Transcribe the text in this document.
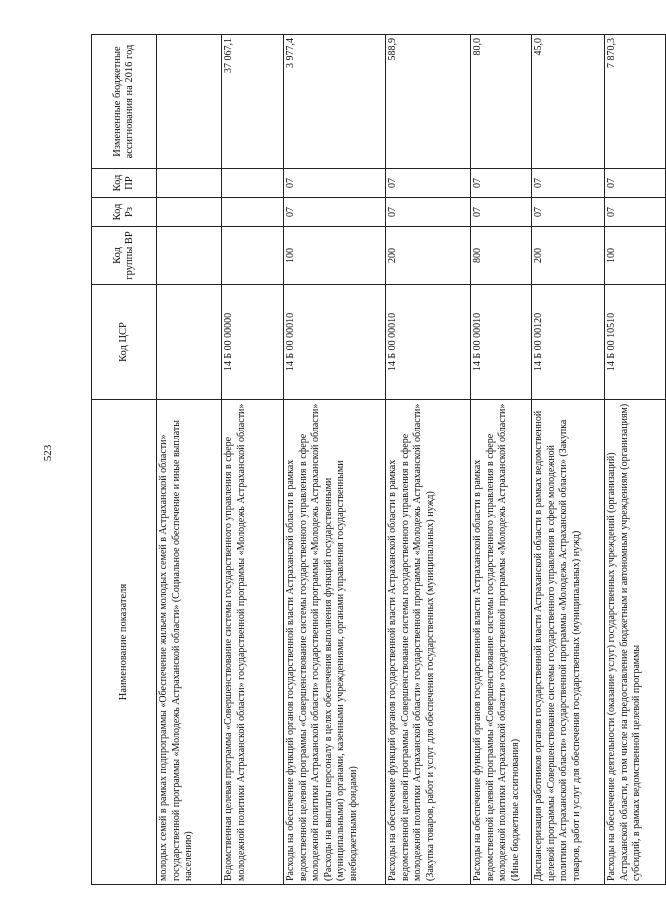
523
Наименование показателя	Код ЦСР	Код группы ВР	Код Рз	Код ПР	Измененные бюджетные ассигнования на 2016 год
молодых семей в рамках подпрограммы «Обеспечение жильем молодых семей в Астраханской области» государственной программы «Молодежь Астраханской области» (Социальное обеспечение и иные выплаты населению)					
Ведомственная целевая программа «Совершенствование системы государственного управления в сфере молодежной политики Астраханской области» государственной программы «Молодежь Астраханской области»	14 Б 00 00000				37 067,1
Расходы на обеспечение функций органов государственной власти Астраханской области в рамках ведомственной целевой программы «Совершенствование системы государственного управления в сфере молодежной политики Астраханской области» государственной программы «Молодежь Астраханской области» (Расходы на выплаты персоналу в целях обеспечения выполнения функций государственными (муниципальными) органами, казенными учреждениями, органами управления государственными внебюджетными фондами)	14 Б 00 00010	100	07	07	3 977,4
Расходы на обеспечение функций органов государственной власти Астраханской области в рамках ведомственной целевой программы «Совершенствование системы государственного управления в сфере молодежной политики Астраханской области» государственной программы «Молодежь Астраханской области» (Закупка товаров, работ и услуг для обеспечения государственных (муниципальных) нужд)	14 Б 00 00010	200	07	07	588,9
Расходы на обеспечение функций органов государственной власти Астраханской области в рамках ведомственной целевой программы «Совершенствование системы государственного управления в сфере молодежной политики Астраханской области» государственной программы «Молодежь Астраханской области» (Иные бюджетные ассигнования)	14 Б 00 00010	800	07	07	80,0
Диспансеризация работников органов государственной власти Астраханской области в рамках ведомственной целевой программы «Совершенствование системы государственного управления в сфере молодежной политики Астраханской области» государственной программы «Молодежь Астраханской области» (Закупка товаров, работ и услуг для обеспечения государственных (муниципальных) нужд)	14 Б 00 00120	200	07	07	45,0
Расходы на обеспечение деятельности (оказание услуг) государственных учреждений (организаций) Астраханской области, в том числе на предоставление бюджетным и автономным учреждениям (организациям) субсидий, в рамках ведомственной целевой программы	14 Б 00 10510	100	07	07	7 870,3
